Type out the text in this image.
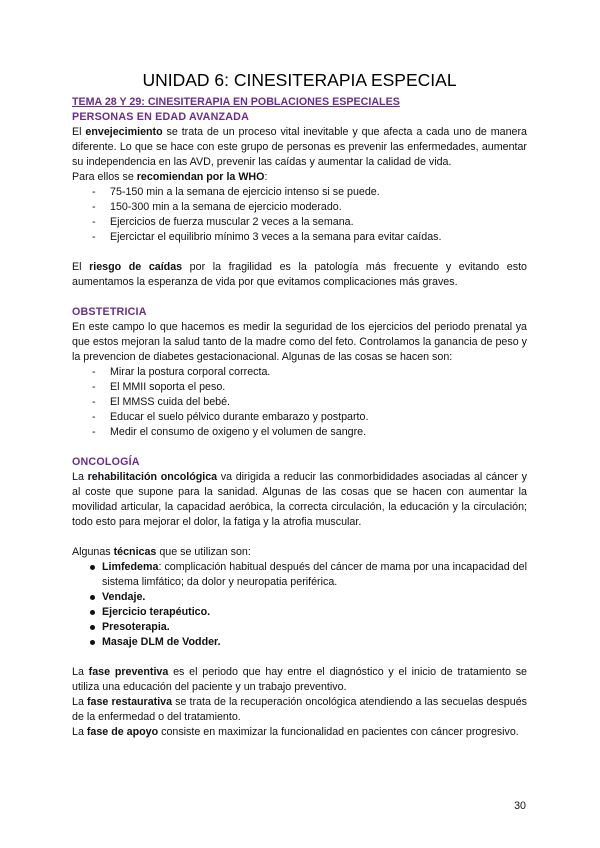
UNIDAD 6: CINESITERAPIA ESPECIAL
TEMA 28 Y 29: CINESITERAPIA EN POBLACIONES ESPECIALES
PERSONAS EN EDAD AVANZADA

El envejecimiento se trata de un proceso vital inevitable y que afecta a cada uno de manera diferente. Lo que se hace con este grupo de personas es prevenir las enfermedades, aumentar su independencia en las AVD, prevenir las caídas y aumentar la calidad de vida.

Para ellos se recomiendan por la WHO:

- 75-150 min a la semana de ejercicio intenso si se puede.
- 150-300 min a la semana de ejercicio moderado.
- Ejercicios de fuerza muscular 2 veces a la semana.
- Ejercictar el equilibrio mínimo 3 veces a la semana para evitar caídas.

El riesgo de caídas por la fragilidad es la patología más frecuente y evitando esto aumentamos la esperanza de vida por que evitamos complicaciones más graves.

OBSTETRICIA

En este campo lo que hacemos es medir la seguridad de los ejercicios del periodo prenatal ya que estos mejoran la salud tanto de la madre como del feto. Controlamos la ganancia de peso y la prevencion de diabetes gestacionacional. Algunas de las cosas se hacen son:

- Mirar la postura corporal correcta.
- El MMII soporta el peso.
- El MMSS cuida del bebé.
- Educar el suelo pélvico durante embarazo y postparto.
- Medir el consumo de oxigeno y el volumen de sangre.
ONCOLOGÍA

La rehabilitación oncológica va dirigida a reducir las conmorbididades asociadas al cáncer y al coste que supone para la sanidad. Algunas de las cosas que se hacen con aumentar la movilidad articular, la capacidad aeróbica, la correcta circulación, la educación y la circulación; todo esto para mejorar el dolor, la fatiga y la atrofia muscular.

Algunas técnicas que se utilizan son:

Limfedema: complicación habitual después del cáncer de mama por una incapacidad del sistema limfático; da dolor y neuropatia periférica.
Vendaje.
Ejercicio terapéutico.
Presoterapia.
Masaje DLM de Vodder.

La fase preventiva es el periodo que hay entre el diagnóstico y el inicio de tratamiento se utiliza una educación del paciente y un trabajo preventivo.

La fase restaurativa se trata de la recuperación oncológica atendiendo a las secuelas después de la enfermedad o del tratamiento.

La fase de apoyo consiste en maximizar la funcionalidad en pacientes con cáncer progresivo.

30
